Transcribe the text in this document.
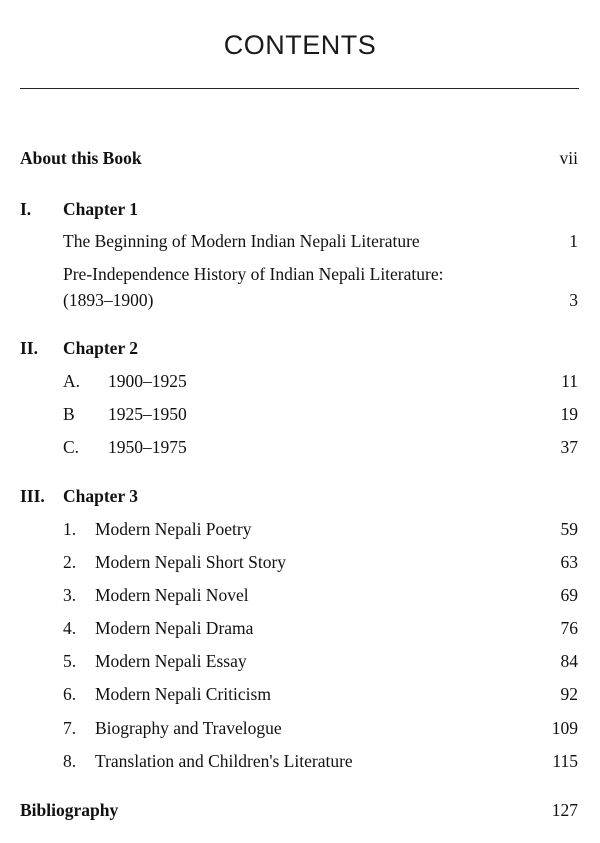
CONTENTS
About this Book	vii
I. Chapter 1
The Beginning of Modern Indian Nepali Literature	1
Pre-Independence History of Indian Nepali Literature:
(1893–1900)	3
II. Chapter 2
A. 1900–1925	11
B 1925–1950	19
C. 1950–1975	37
III. Chapter 3
1. Modern Nepali Poetry	59
2. Modern Nepali Short Story	63
3. Modern Nepali Novel	69
4. Modern Nepali Drama	76
5. Modern Nepali Essay	84
6. Modern Nepali Criticism	92
7. Biography and Travelogue	109
8. Translation and Children's Literature	115
Bibliography	127
